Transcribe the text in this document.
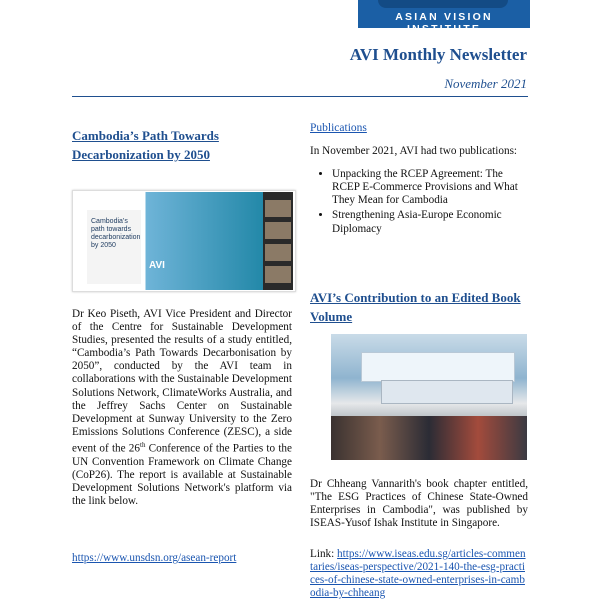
ASIAN VISION INSTITUTE
AVI Monthly Newsletter
November 2021
Cambodia’s Path Towards Decarbonization by 2050
Cambodia’s path towards decarbonization by 2050
AVI
Dr Keo Piseth, AVI Vice President and Director of the Centre for Sustainable Development Studies, presented the results of a study entitled, “Cambodia’s Path Towards Decarbonisation by 2050”, conducted by the AVI team in collaborations with the Sustainable Development Solutions Network, ClimateWorks Australia, and the Jeffrey Sachs Center on Sustainable Development at Sunway University to the Zero Emissions Solutions Conference (ZESC), a side event of the 26th Conference of the Parties to the UN Convention Framework on Climate Change (CoP26). The report is available at Sustainable Development Solutions Network's platform via the link below.
https://www.unsdsn.org/asean-report
Publications
In November 2021, AVI had two publications:
• Unpacking the RCEP Agreement: The RCEP E-Commerce Provisions and What They Mean for Cambodia
• Strengthening Asia-Europe Economic Diplomacy
AVI’s Contribution to an Edited Book Volume
Dr Chheang Vannarith's book chapter entitled, "The ESG Practices of Chinese State-Owned Enterprises in Cambodia", was published by ISEAS-Yusof Ishak Institute in Singapore.
Link: https://www.iseas.edu.sg/articles-commentaries/iseas-perspective/2021-140-the-esg-practices-of-chinese-state-owned-enterprises-in-cambodia-by-chheang
